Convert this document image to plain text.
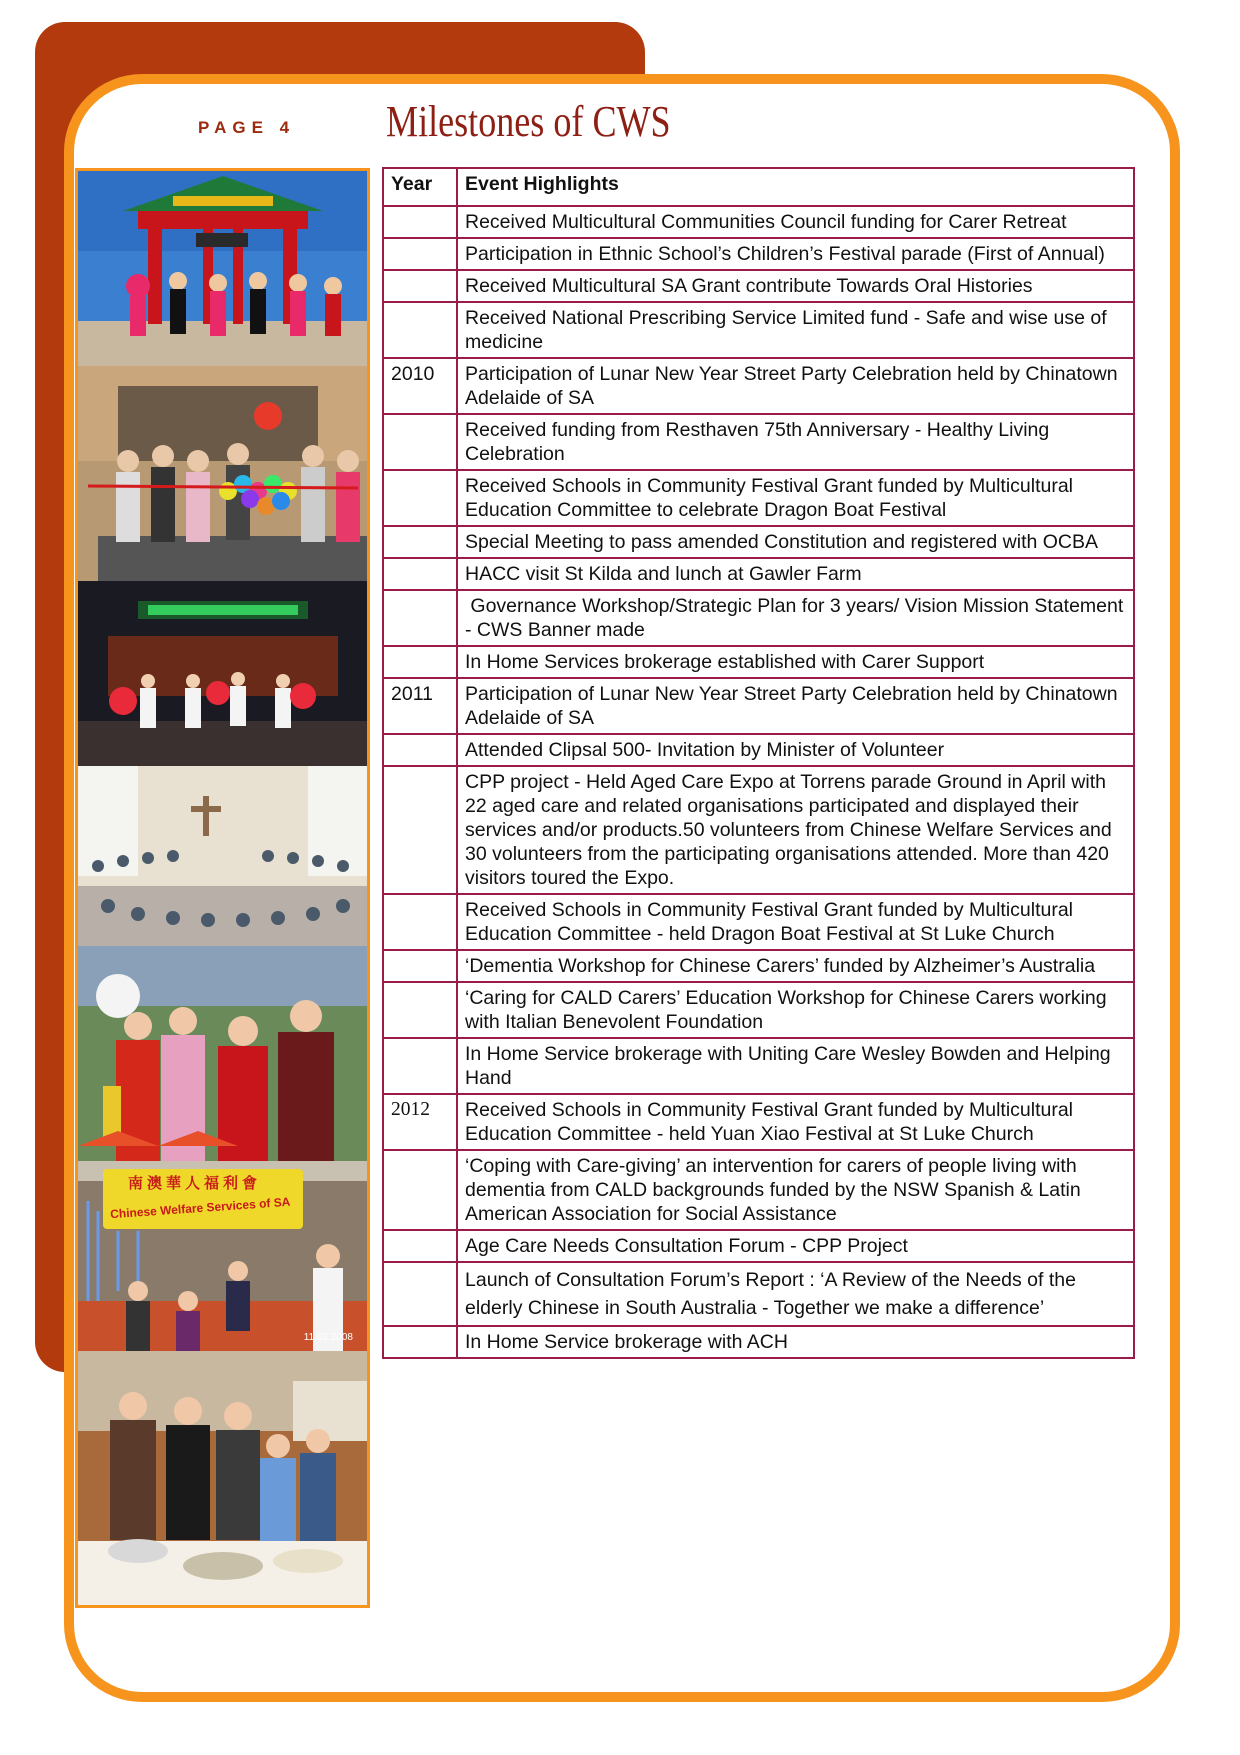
PAGE 4 Milestones of CWS
南澳華人福利會
Chinese Welfare Services of SA
11.02.2008
Year	Event Highlights
	Received Multicultural Communities Council funding for Carer Retreat
	Participation in Ethnic School’s Children’s Festival parade (First of Annual)
	Received Multicultural SA Grant contribute Towards Oral Histories
	Received National Prescribing Service Limited fund - Safe and wise use of medicine
2010	Participation of Lunar New Year Street Party Celebration held by Chinatown Adelaide of SA
	Received funding from Resthaven 75th Anniversary - Healthy Living Celebration
	Received Schools in Community Festival Grant funded by Multicultural Education Committee to celebrate Dragon Boat Festival
	Special Meeting to pass amended Constitution and registered with OCBA
	HACC visit St Kilda and lunch at Gawler Farm
	Governance Workshop/Strategic Plan for 3 years/ Vision Mission Statement - CWS Banner made
	In Home Services brokerage established with Carer Support
2011	Participation of Lunar New Year Street Party Celebration held by Chinatown Adelaide of SA
	Attended Clipsal 500- Invitation by Minister of Volunteer
	CPP project - Held Aged Care Expo at Torrens parade Ground in April with 22 aged care and related organisations participated and displayed their services and/or products.50 volunteers from Chinese Welfare Services and 30 volunteers from the participating organisations attended. More than 420 visitors toured the Expo.
	Received Schools in Community Festival Grant funded by Multicultural Education Committee - held Dragon Boat Festival at St Luke Church
	‘Dementia Workshop for Chinese Carers’ funded by Alzheimer’s Australia
	‘Caring for CALD Carers’ Education Workshop for Chinese Carers working with Italian Benevolent Foundation
	In Home Service brokerage with Uniting Care Wesley Bowden and Helping Hand
2012	Received Schools in Community Festival Grant funded by Multicultural Education Committee - held Yuan Xiao Festival at St Luke Church
	‘Coping with Care-giving’ an intervention for carers of people living with dementia from CALD backgrounds funded by the NSW Spanish & Latin American Association for Social Assistance
	Age Care Needs Consultation Forum - CPP Project
	Launch of Consultation Forum’s Report : ‘A Review of the Needs of the elderly Chinese in South Australia - Together we make a difference’
	In Home Service brokerage with ACH
